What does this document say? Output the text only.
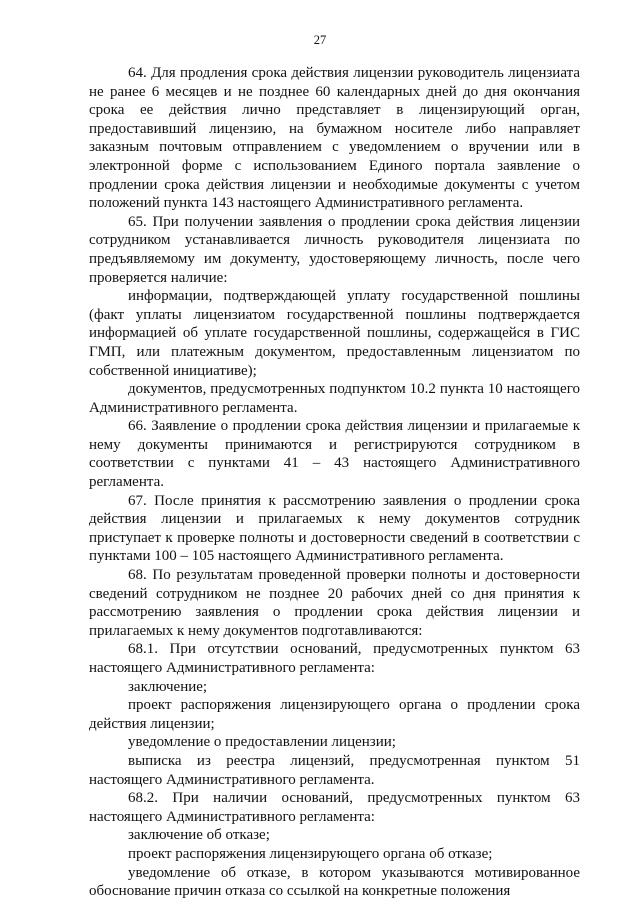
27

64. Для продления срока действия лицензии руководитель лицензиата не ранее 6 месяцев и не позднее 60 календарных дней до дня окончания срока ее действия лично представляет в лицензирующий орган, предоставивший лицензию, на бумажном носителе либо направляет заказным почтовым отправлением с уведомлением о вручении или в электронной форме с использованием Единого портала заявление о продлении срока действия лицензии и необходимые документы с учетом положений пункта 143 настоящего Административного регламента.

65. При получении заявления о продлении срока действия лицензии сотрудником устанавливается личность руководителя лицензиата по предъявляемому им документу, удостоверяющему личность, после чего проверяется наличие:

информации, подтверждающей уплату государственной пошлины (факт уплаты лицензиатом государственной пошлины подтверждается информацией об уплате государственной пошлины, содержащейся в ГИС ГМП, или платежным документом, предоставленным лицензиатом по собственной инициативе);

документов, предусмотренных подпунктом 10.2 пункта 10 настоящего Административного регламента.

66. Заявление о продлении срока действия лицензии и прилагаемые к нему документы принимаются и регистрируются сотрудником в соответствии с пунктами 41 – 43 настоящего Административного регламента.

67. После принятия к рассмотрению заявления о продлении срока действия лицензии и прилагаемых к нему документов сотрудник приступает к проверке полноты и достоверности сведений в соответствии с пунктами 100 – 105 настоящего Административного регламента.

68. По результатам проведенной проверки полноты и достоверности сведений сотрудником не позднее 20 рабочих дней со дня принятия к рассмотрению заявления о продлении срока действия лицензии и прилагаемых к нему документов подготавливаются:

68.1. При отсутствии оснований, предусмотренных пунктом 63 настоящего Административного регламента:

заключение;

проект распоряжения лицензирующего органа о продлении срока действия лицензии;

уведомление о предоставлении лицензии;

выписка из реестра лицензий, предусмотренная пунктом 51 настоящего Административного регламента.

68.2. При наличии оснований, предусмотренных пунктом 63 настоящего Административного регламента:

заключение об отказе;

проект распоряжения лицензирующего органа об отказе;

уведомление об отказе, в котором указываются мотивированное обоснование причин отказа со ссылкой на конкретные положения
